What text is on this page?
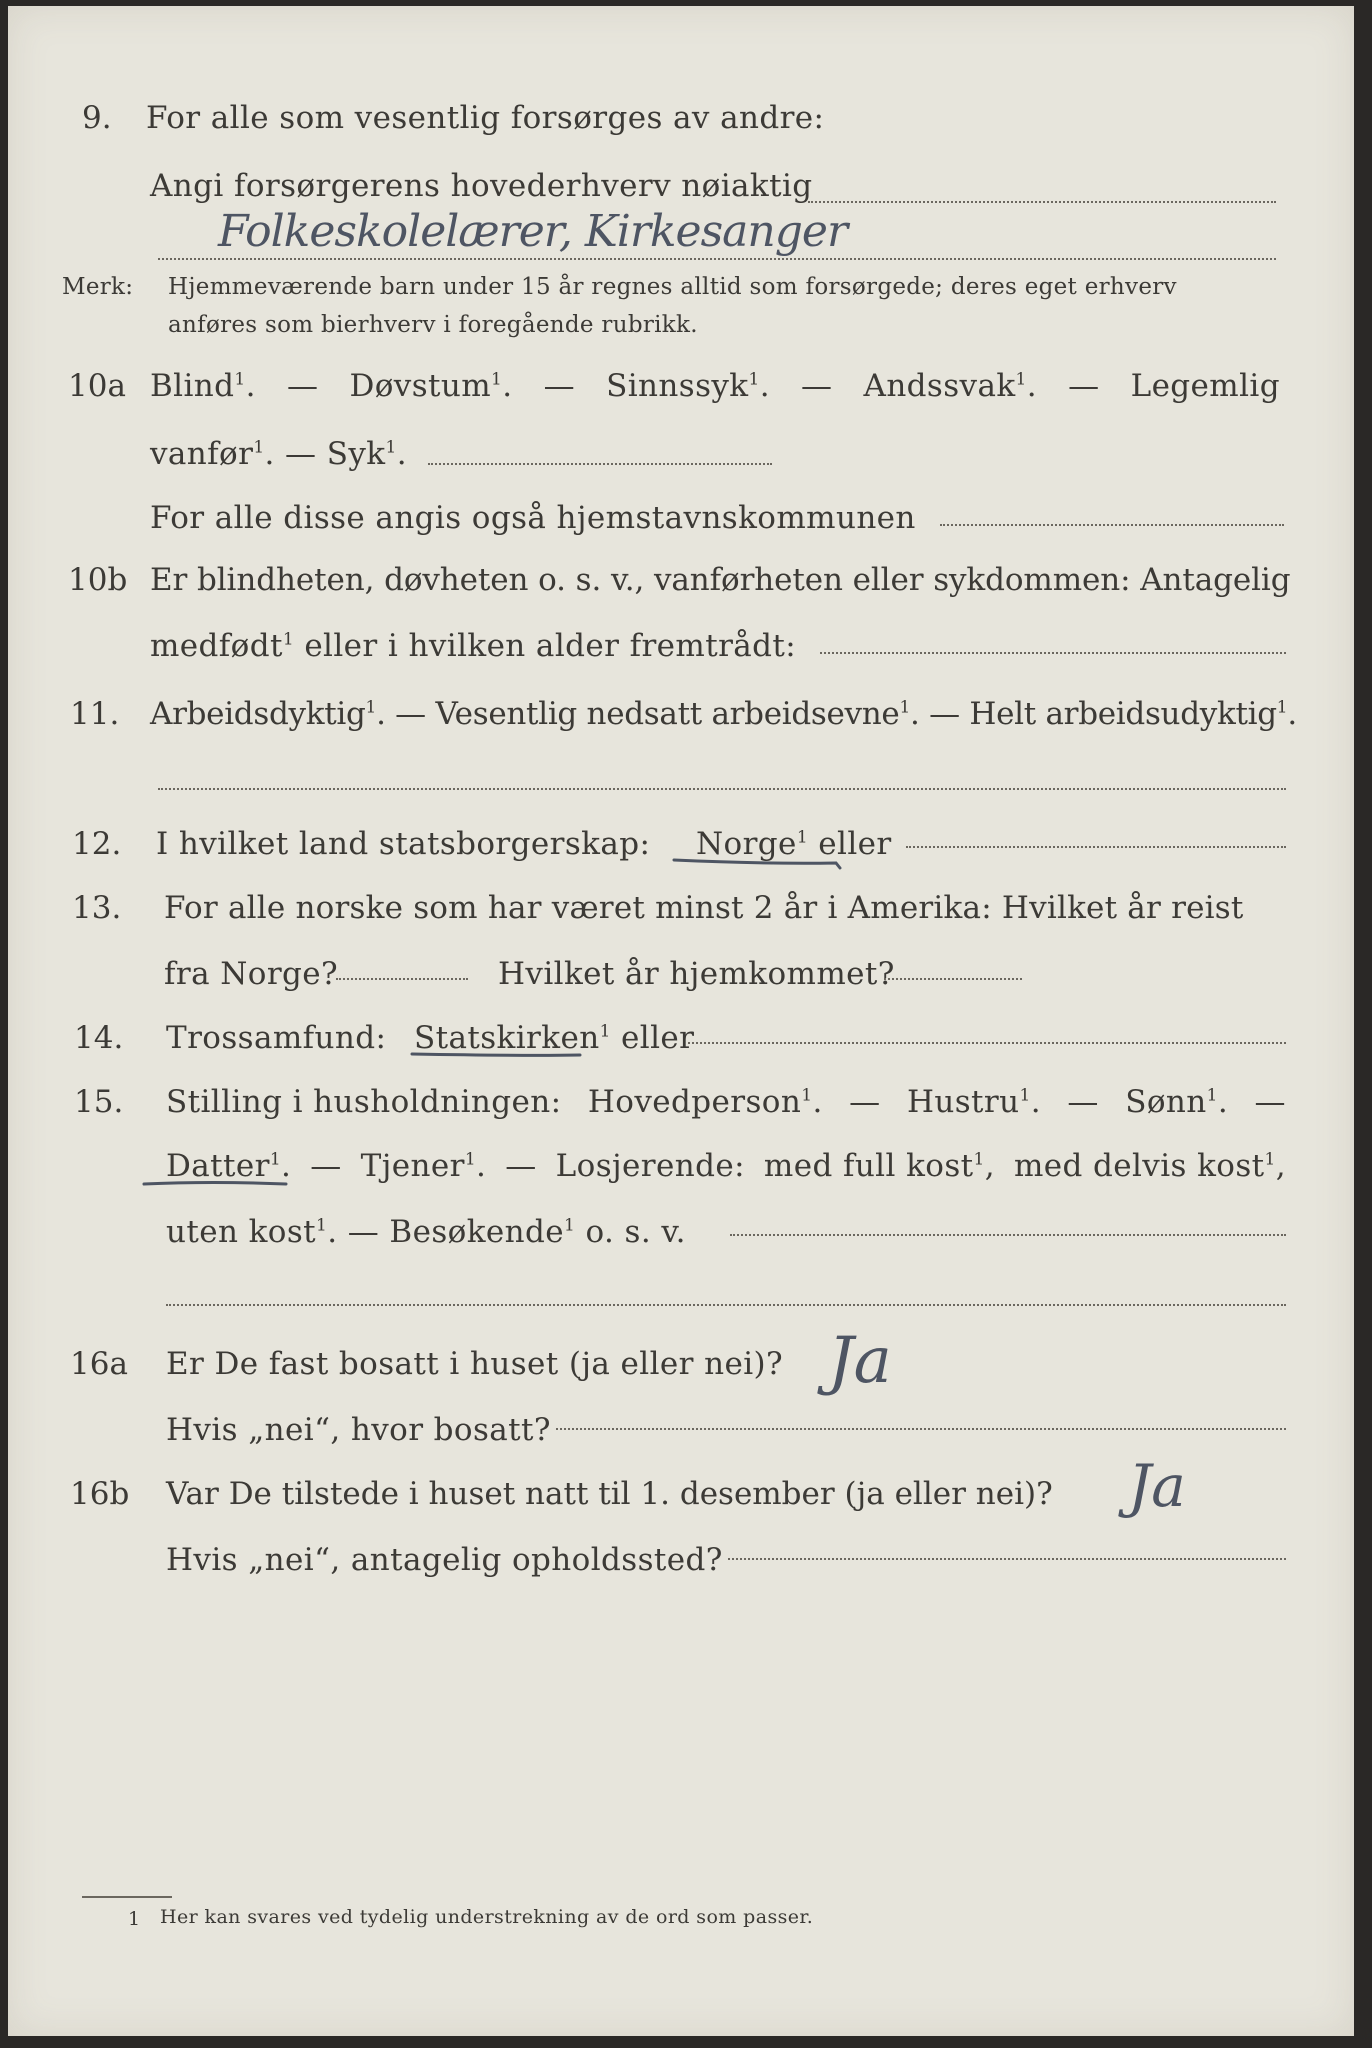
9. For alle som vesentlig forsørges av andre:
Angi forsørgerens hovederhverv nøiaktig
Folkeskolelærer, Kirkesanger
Merk: Hjemmeværende barn under 15 år regnes alltid som forsørgede; deres eget erhverv
anføres som bierhverv i foregående rubrikk.
10a Blind$^1$. — Døvstum$^1$. — Sinnssyk$^1$. — Andssvak$^1$. — Legemlig
vanfør$^1$. — Syk$^1$.
For alle disse angis også hjemstavnskommunen
10b Er blindheten, døvheten o. s. v., vanførheten eller sykdommen: Antagelig
medfødt$^1$ eller i hvilken alder fremtrådt:
11. Arbeidsdyktig$^1$. — Vesentlig nedsatt arbeidsevne$^1$. — Helt arbeidsudyktig$^1$.
12. I hvilket land statsborgerskap: Norge$^1$ eller
13. For alle norske som har været minst 2 år i Amerika: Hvilket år reist
fra Norge?	Hvilket år hjemkommet?
14. Trossamfund: Statskirken$^1$ eller
15. Stilling i husholdningen: Hovedperson$^1$. — Hustru$^1$. — Sønn$^1$. —
Datter$^1$. — Tjener$^1$. — Losjerende: med full kost$^1$, med delvis kost$^1$,
uten kost$^1$. — Besøkende$^1$ o. s. v.
16a Er De fast bosatt i huset (ja eller nei)? Ja
Hvis „nei“, hvor bosatt?
16b Var De tilstede i huset natt til 1. desember (ja eller nei)? Ja
Hvis „nei“, antagelig opholdssted?
1 Her kan svares ved tydelig understrekning av de ord som passer.
